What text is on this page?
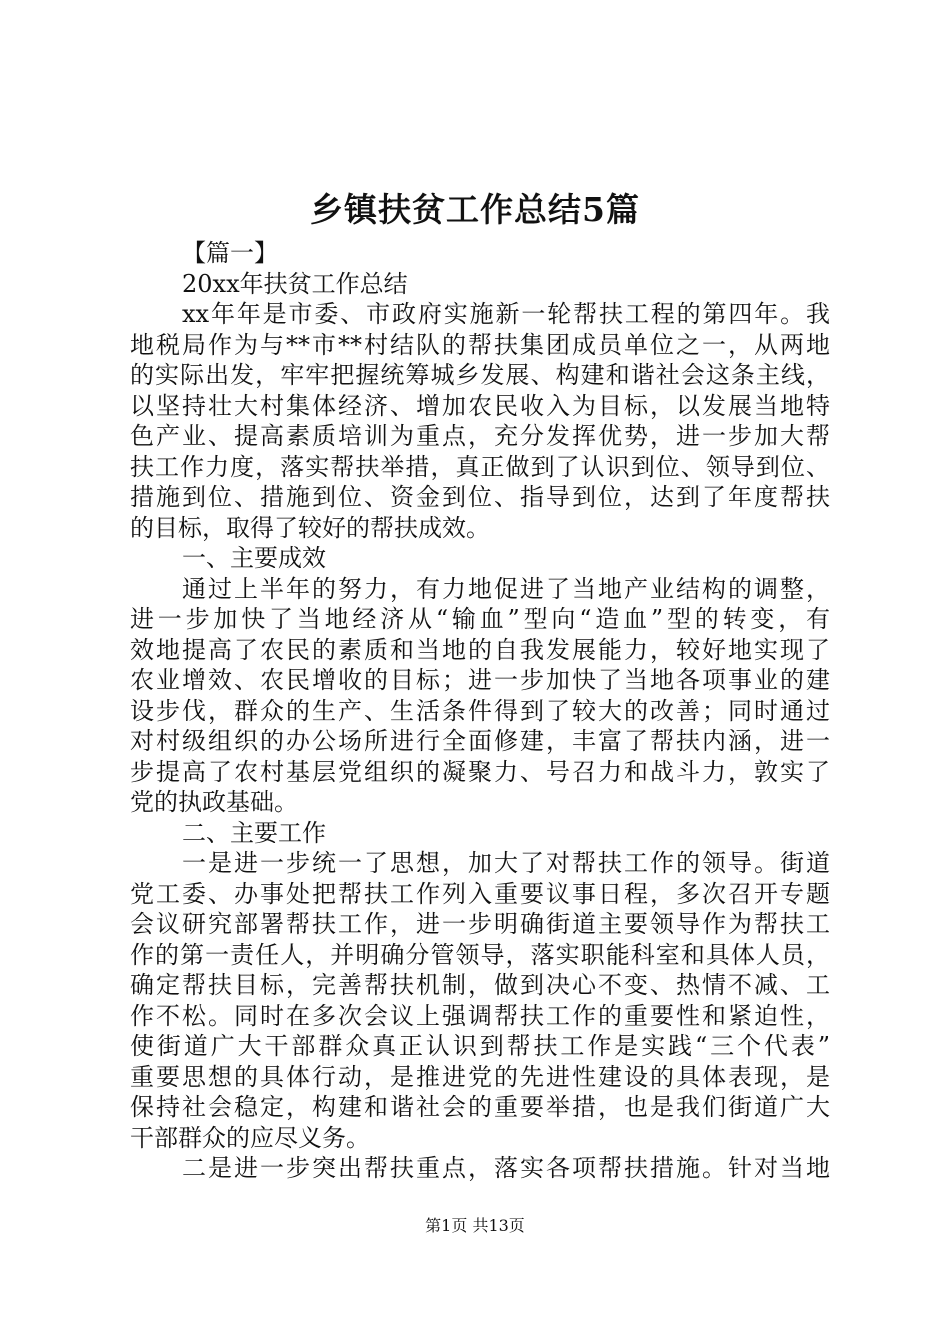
乡镇扶贫工作总结5篇
【篇一】
20xx年扶贫工作总结
xx年年是市委、市政府实施新一轮帮扶工程的第四年。我
地税局作为与**市**村结队的帮扶集团成员单位之一，从两地
的实际出发，牢牢把握统筹城乡发展、构建和谐社会这条主线，
以坚持壮大村集体经济、增加农民收入为目标，以发展当地特
色产业、提高素质培训为重点，充分发挥优势，进一步加大帮
扶工作力度，落实帮扶举措，真正做到了认识到位、领导到位、
措施到位、措施到位、资金到位、指导到位，达到了年度帮扶
的目标，取得了较好的帮扶成效。
一、主要成效
通过上半年的努力，有力地促进了当地产业结构的调整，
进一步加快了当地经济从“输血”型向“造血”型的转变，有
效地提高了农民的素质和当地的自我发展能力，较好地实现了
农业增效、农民增收的目标；进一步加快了当地各项事业的建
设步伐，群众的生产、生活条件得到了较大的改善；同时通过
对村级组织的办公场所进行全面修建，丰富了帮扶内涵，进一
步提高了农村基层党组织的凝聚力、号召力和战斗力，敦实了
党的执政基础。
二、主要工作
一是进一步统一了思想，加大了对帮扶工作的领导。街道
党工委、办事处把帮扶工作列入重要议事日程，多次召开专题
会议研究部署帮扶工作，进一步明确街道主要领导作为帮扶工
作的第一责任人，并明确分管领导，落实职能科室和具体人员，
确定帮扶目标，完善帮扶机制，做到决心不变、热情不减、工
作不松。同时在多次会议上强调帮扶工作的重要性和紧迫性，
使街道广大干部群众真正认识到帮扶工作是实践“三个代表”
重要思想的具体行动，是推进党的先进性建设的具体表现，是
保持社会稳定，构建和谐社会的重要举措，也是我们街道广大
干部群众的应尽义务。
二是进一步突出帮扶重点，落实各项帮扶措施。针对当地
第1页 共13页
